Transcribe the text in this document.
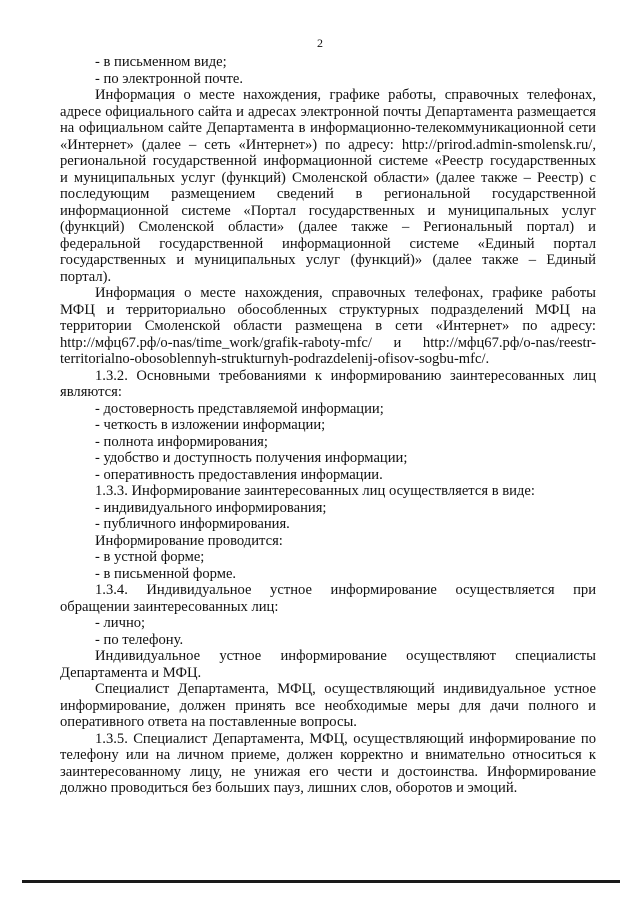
2
- в письменном виде;
- по электронной почте.
Информация о месте нахождения, графике работы, справочных телефонах,
адресе официального сайта и адресах электронной почты Департамента размещается
на официальном сайте Департамента в информационно-телекоммуникационной сети
«Интернет» (далее – сеть «Интернет») по адресу: http://prirod.admin-smolensk.ru/,
региональной государственной информационной системе «Реестр государственных
и муниципальных услуг (функций) Смоленской области» (далее также – Реестр) с
последующим размещением сведений в региональной государственной
информационной системе «Портал государственных и муниципальных услуг
(функций) Смоленской области» (далее также – Региональный портал) и
федеральной государственной информационной системе «Единый портал
государственных и муниципальных услуг (функций)» (далее также – Единый
портал).
Информация о месте нахождения, справочных телефонах, графике работы
МФЦ и территориально обособленных структурных подразделений МФЦ на
территории Смоленской области размещена в сети «Интернет» по адресу:
http://мфц67.рф/o-nas/time_work/grafik-raboty-mfc/ и http://мфц67.рф/o-nas/reestr-
territorialno-obosoblennyh-strukturnyh-podrazdelenij-ofisov-sogbu-mfc/.
1.3.2. Основными требованиями к информированию заинтересованных лиц
являются:
- достоверность представляемой информации;
- четкость в изложении информации;
- полнота информирования;
- удобство и доступность получения информации;
- оперативность предоставления информации.
1.3.3. Информирование заинтересованных лиц осуществляется в виде:
- индивидуального информирования;
- публичного информирования.
Информирование проводится:
- в устной форме;
- в письменной форме.
1.3.4. Индивидуальное устное информирование осуществляется при
обращении заинтересованных лиц:
- лично;
- по телефону.
Индивидуальное устное информирование осуществляют специалисты
Департамента и МФЦ.
Специалист Департамента, МФЦ, осуществляющий индивидуальное устное
информирование, должен принять все необходимые меры для дачи полного и
оперативного ответа на поставленные вопросы.
1.3.5. Специалист Департамента, МФЦ, осуществляющий информирование по
телефону или на личном приеме, должен корректно и внимательно относиться к
заинтересованному лицу, не унижая его чести и достоинства. Информирование
должно проводиться без больших пауз, лишних слов, оборотов и эмоций.
